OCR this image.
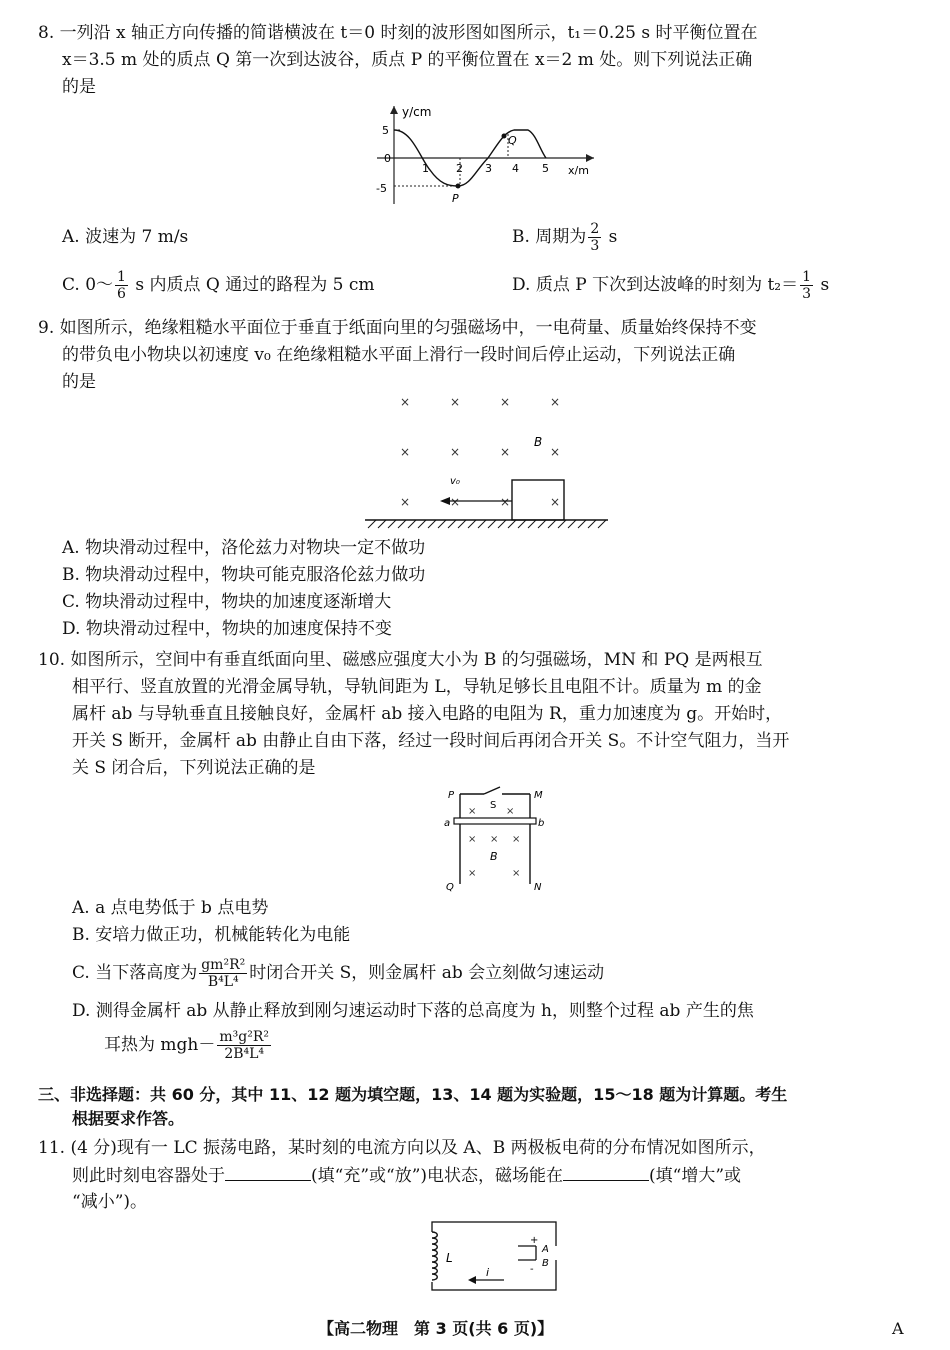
8. 一列沿 x 轴正方向传播的简谐横波在 t＝0 时刻的波形图如图所示，t₁＝0.25 s 时平衡位置在
x＝3.5 m 处的质点 Q 第一次到达波谷，质点 P 的平衡位置在 x＝2 m 处。则下列说法正确
的是
y/cm
x/m
5
0
-5
1 2 3 4 5
P
Q
A. 波速为 7 m/s	B. 周期为 $\frac{2}{3}$ s
C. 0～ $\frac{1}{6}$ s 内质点 Q 通过的路程为 5 cm	D. 质点 P 下次到达波峰的时刻为 $t_2= \frac{1}{3}$ s
9. 如图所示，绝缘粗糙水平面位于垂直于纸面向里的匀强磁场中，一电荷量、质量始终保持不变
的带负电小物块以初速度 v₀ 在绝缘粗糙水平面上滑行一段时间后停止运动，下列说法正确
的是
×	×	×	×
×	×	×	×
×	×	×	×
B
v₀
A. 物块滑动过程中，洛伦兹力对物块一定不做功
B. 物块滑动过程中，物块可能克服洛伦兹力做功
C. 物块滑动过程中，物块的加速度逐渐增大
D. 物块滑动过程中，物块的加速度保持不变
10. 如图所示，空间中有垂直纸面向里、磁感应强度大小为 B 的匀强磁场，MN 和 PQ 是两根互
相平行、竖直放置的光滑金属导轨，导轨间距为 L，导轨足够长且电阻不计。质量为 m 的金
属杆 ab 与导轨垂直且接触良好，金属杆 ab 接入电路的电阻为 R，重力加速度为 g。开始时，
开关 S 断开，金属杆 ab 由静止自由下落，经过一段时间后再闭合开关 S。不计空气阻力，当开
关 S 闭合后，下列说法正确的是
P
S
M
a	b
B
Q	N
×	×
× × ×
×	×
A. a 点电势低于 b 点电势
B. 安培力做正功，机械能转化为电能
C. 当下落高度为 $\frac{\text{gm²R²}}{\text{B⁴L⁴}}$ 时闭合开关 S，则金属杆 ab 会立刻做匀速运动
D. 测得金属杆 ab 从静止释放到刚匀速运动时下落的总高度为 h，则整个过程 ab 产生的焦
耳热为 $mgh- \frac{\text{m³g²R²}}{\text{2B⁴L⁴}}$
三、非选择题：共 60 分，其中 11、12 题为填空题，13、14 题为实验题，15～18 题为计算题。考生
根据要求作答。
11. (4 分)现有一 LC 振荡电路，某时刻的电流方向以及 A、B 两极板电荷的分布情况如图所示，
则此时刻电容器处于	(填“充”或“放”)电状态，磁场能在	(填“增大”或
“减小”)。
L
+
-
A
B
i
【高二物理　第 3 页(共 6 页)】	A
